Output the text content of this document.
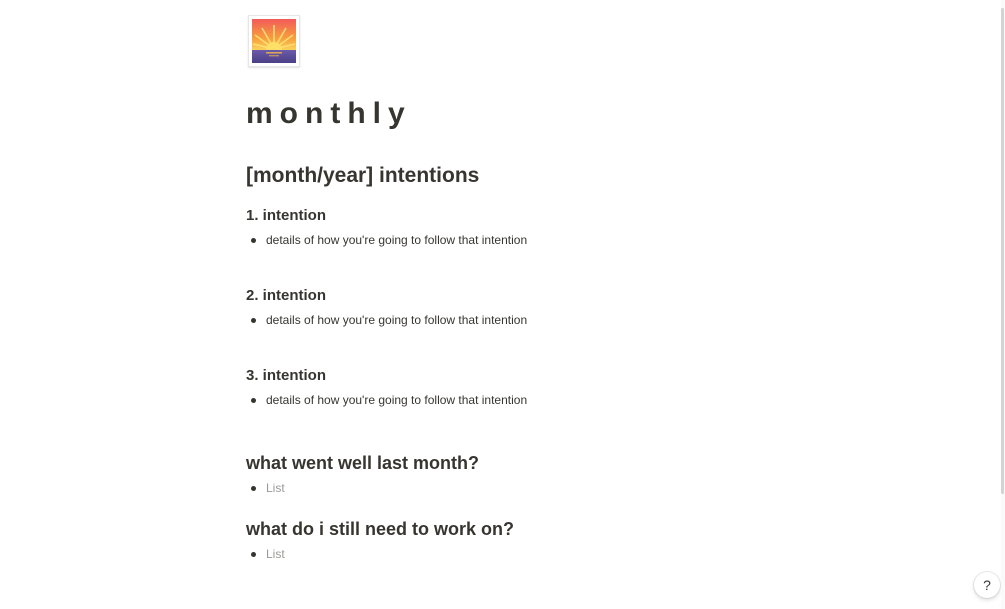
monthly
[month/year] intentions
1. intention
details of how you're going to follow that intention
2. intention
details of how you're going to follow that intention
3. intention
details of how you're going to follow that intention
what went well last month?
List
what do i still need to work on?
List
?
